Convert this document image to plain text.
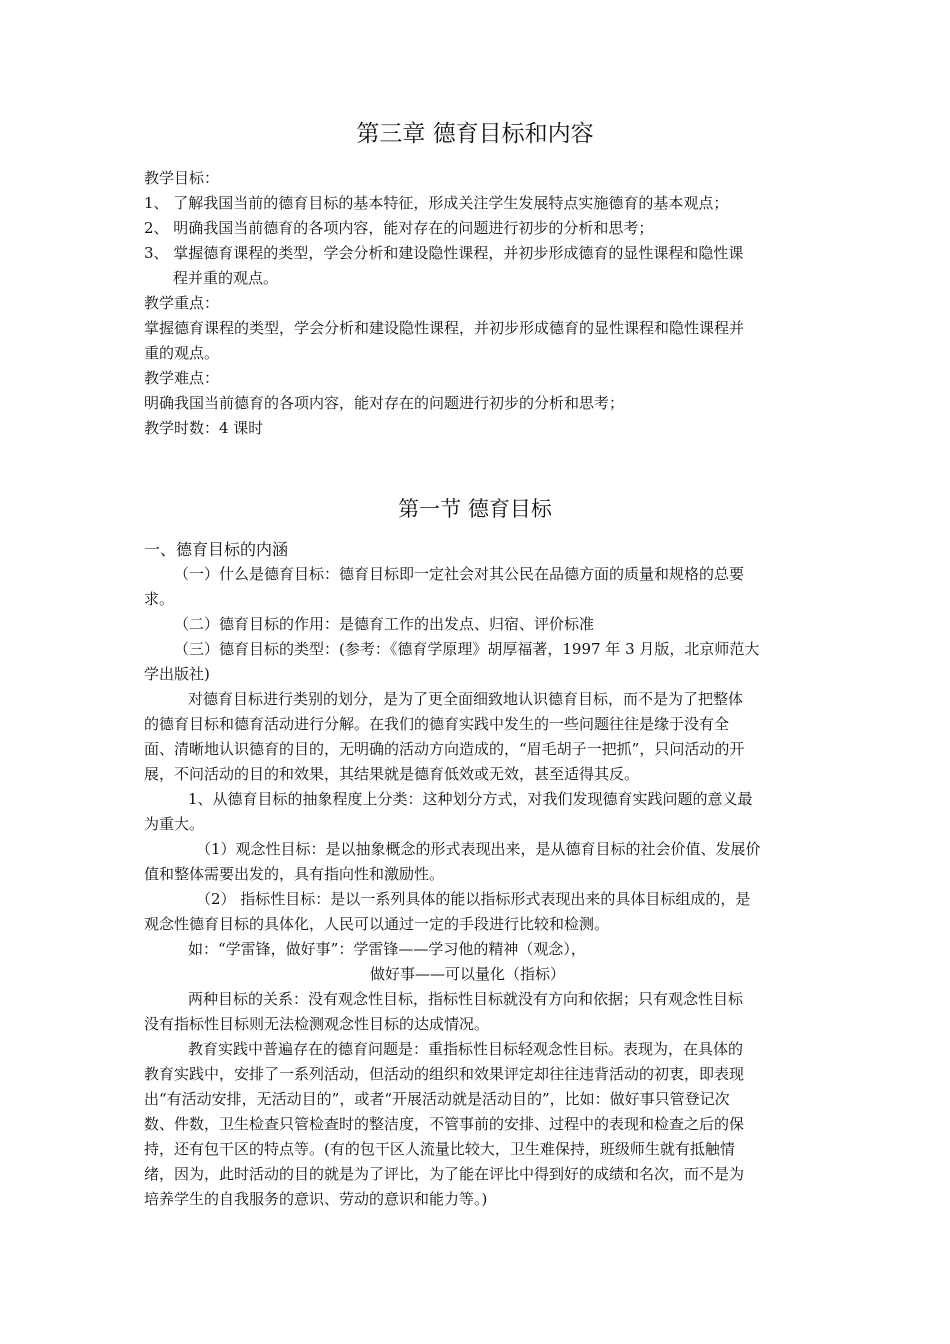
第三章 德育目标和内容
教学目标：
1、 了解我国当前的德育目标的基本特征，形成关注学生发展特点实施德育的基本观点；
2、 明确我国当前德育的各项内容，能对存在的问题进行初步的分析和思考；
3、 掌握德育课程的类型，学会分析和建设隐性课程，并初步形成德育的显性课程和隐性课
程并重的观点。
教学重点：
掌握德育课程的类型，学会分析和建设隐性课程，并初步形成德育的显性课程和隐性课程并
重的观点。
教学难点：
明确我国当前德育的各项内容，能对存在的问题进行初步的分析和思考；
教学时数：4 课时
第一节 德育目标
一、德育目标的内涵
（一）什么是德育目标：德育目标即一定社会对其公民在品德方面的质量和规格的总要
求。
（二）德育目标的作用：是德育工作的出发点、归宿、评价标准
（三）德育目标的类型：(参考：《德育学原理》胡厚福著，1997 年 3 月版，北京师范大
学出版社)
对德育目标进行类别的划分，是为了更全面细致地认识德育目标，而不是为了把整体
的德育目标和德育活动进行分解。在我们的德育实践中发生的一些问题往往是缘于没有全
面、清晰地认识德育的目的，无明确的活动方向造成的，“眉毛胡子一把抓”，只问活动的开
展，不问活动的目的和效果，其结果就是德育低效或无效，甚至适得其反。
1、从德育目标的抽象程度上分类：这种划分方式，对我们发现德育实践问题的意义最
为重大。
（1）观念性目标：是以抽象概念的形式表现出来，是从德育目标的社会价值、发展价
值和整体需要出发的，具有指向性和激励性。
（2） 指标性目标：是以一系列具体的能以指标形式表现出来的具体目标组成的，是
观念性德育目标的具体化，人民可以通过一定的手段进行比较和检测。
如：“学雷锋，做好事”：学雷锋——学习他的精神（观念），
做好事——可以量化（指标）
两种目标的关系：没有观念性目标，指标性目标就没有方向和依据；只有观念性目标
没有指标性目标则无法检测观念性目标的达成情况。
教育实践中普遍存在的德育问题是：重指标性目标轻观念性目标。表现为，在具体的
教育实践中，安排了一系列活动，但活动的组织和效果评定却往往违背活动的初衷，即表现
出“有活动安排，无活动目的”，或者“开展活动就是活动目的”，比如：做好事只管登记次
数、件数，卫生检查只管检查时的整洁度，不管事前的安排、过程中的表现和检查之后的保
持，还有包干区的特点等。(有的包干区人流量比较大，卫生难保持，班级师生就有抵触情
绪，因为，此时活动的目的就是为了评比，为了能在评比中得到好的成绩和名次，而不是为
培养学生的自我服务的意识、劳动的意识和能力等。)
